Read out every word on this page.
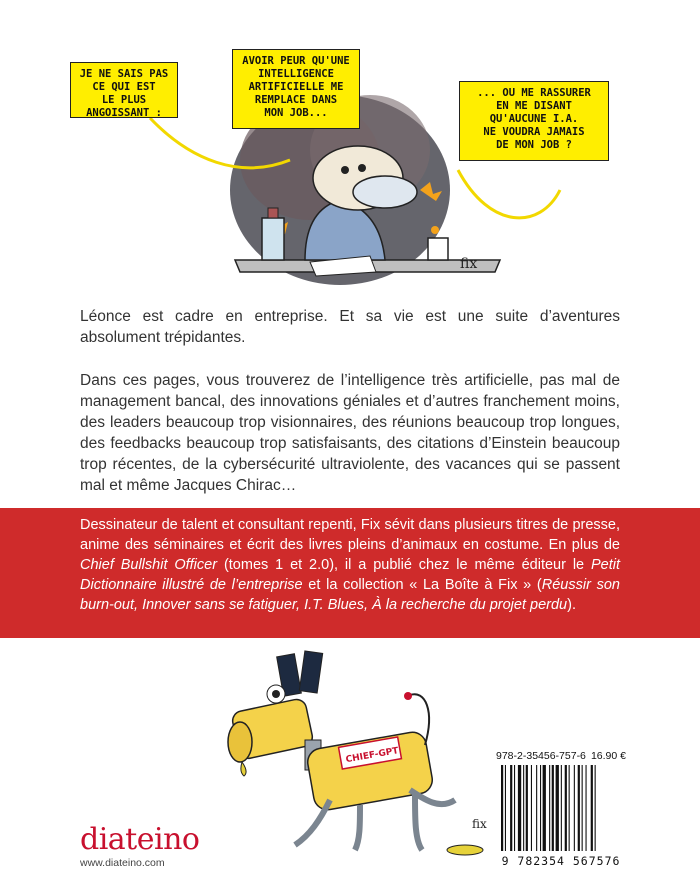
fix
JE NE SAIS PAS
CE QUI EST
LE PLUS
ANGOISSANT :
AVOIR PEUR QU'UNE
INTELLIGENCE
ARTIFICIELLE ME
REMPLACE DANS
MON JOB...
... OU ME RASSURER
EN ME DISANT
QU'AUCUNE I.A.
NE VOUDRA JAMAIS
DE MON JOB ?

Léonce est cadre en entreprise. Et sa vie est une suite d’aventures absolument trépidantes.

Dans ces pages, vous trouverez de l’intelligence très artificielle, pas mal de management bancal, des innovations géniales et d’autres franchement moins, des leaders beaucoup trop visionnaires, des réunions beaucoup trop longues, des feedbacks beaucoup trop satisfaisants, des citations d’Einstein beaucoup trop récentes, de la cybersécurité ultraviolente, des vacances qui se passent mal et même Jacques Chirac…

Dessinateur de talent et consultant repenti, Fix sévit dans plusieurs titres de presse, anime des séminaires et écrit des livres pleins d’animaux en costume. En plus de Chief Bullshit Officer (tomes 1 et 2.0), il a publié chez le même éditeur le Petit Dictionnaire illustré de l’entreprise et la collection « La Boîte à Fix » (Réussir son burn-out, Innover sans se fatiguer, I.T. Blues, À la recherche du projet perdu).

CHIEF-GPT
fix
diateino
www.diateino.com
978-2-35456-757-6 16.90 €
9 782354 567576
